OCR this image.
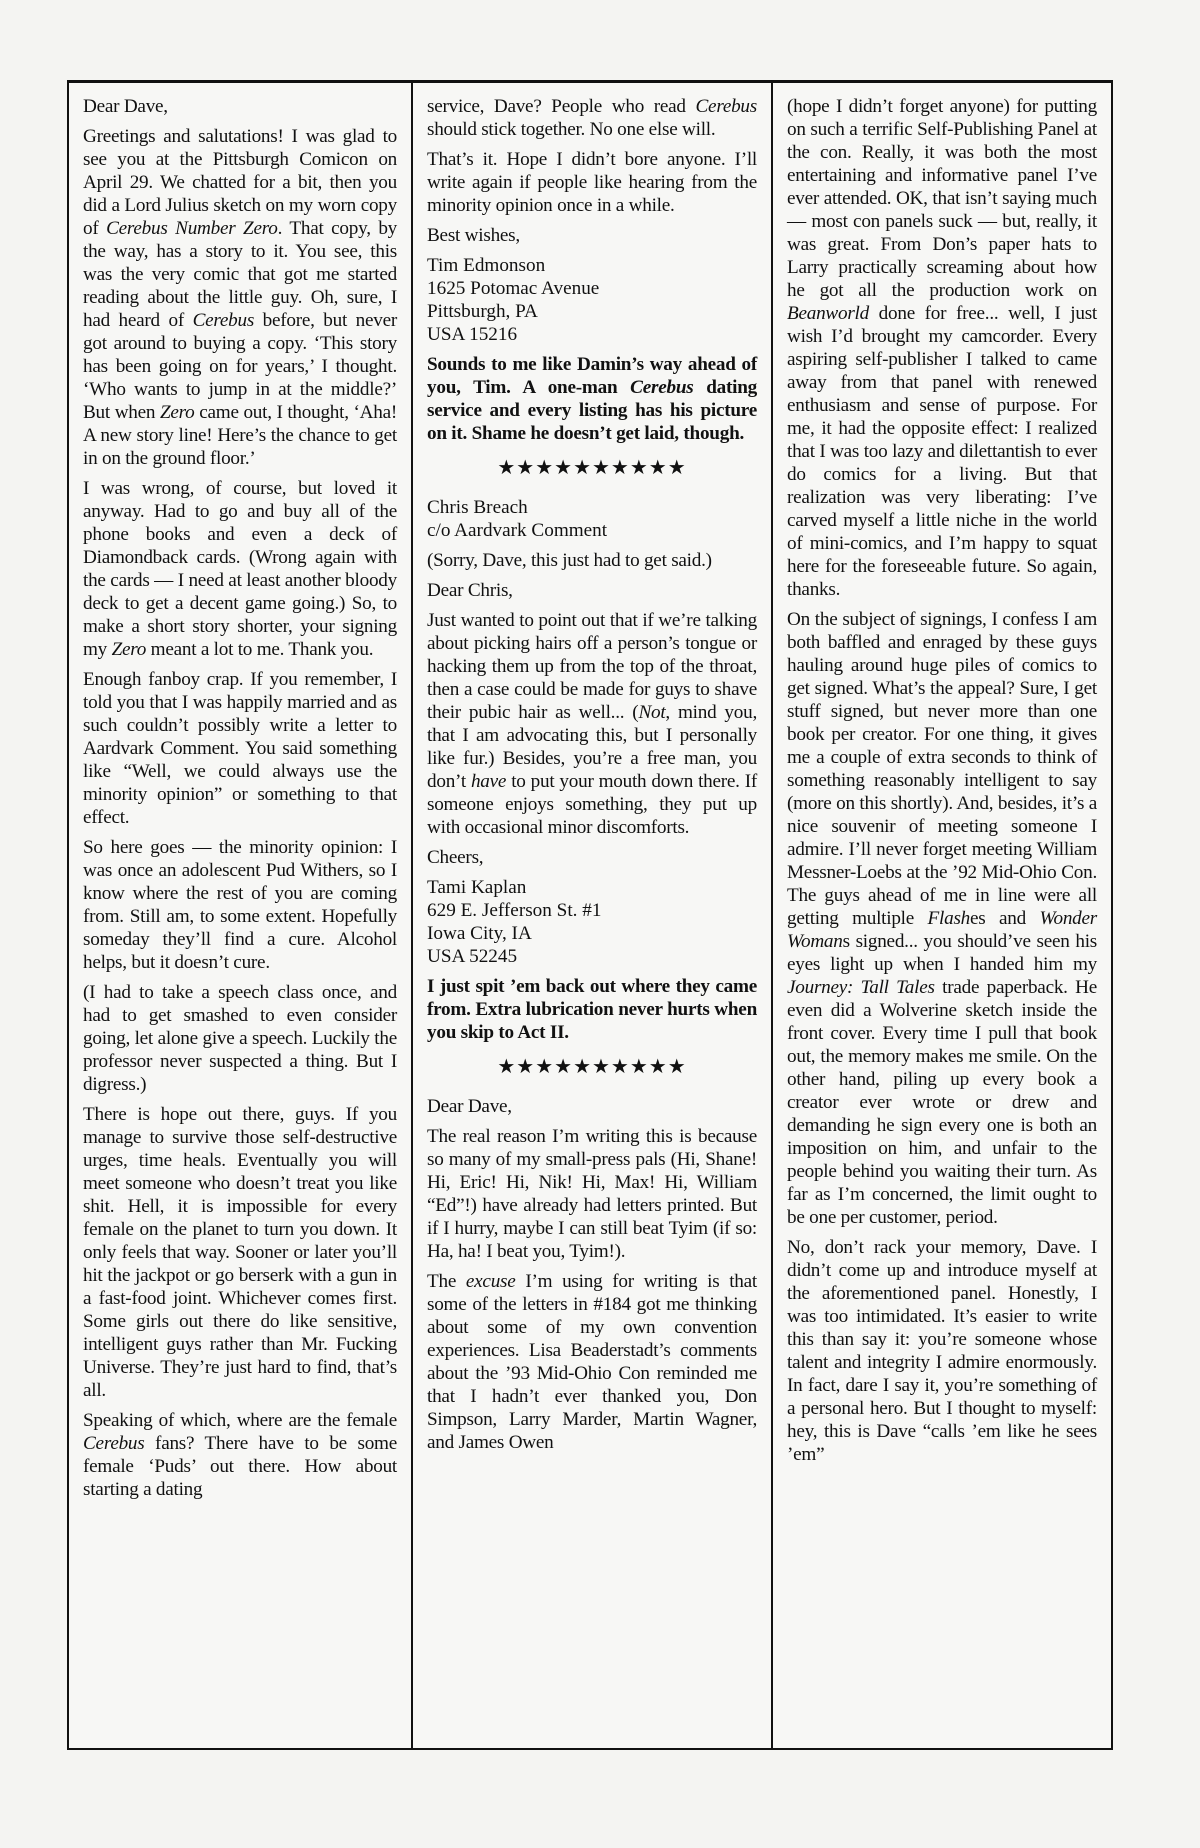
Dear Dave,

Greetings and salutations! I was glad to see you at the Pittsburgh Comicon on April 29. We chatted for a bit, then you did a Lord Julius sketch on my worn copy of Cerebus Number Zero. That copy, by the way, has a story to it. You see, this was the very comic that got me started reading about the little guy. Oh, sure, I had heard of Cerebus before, but never got around to buying a copy. ‘This story has been going on for years,’ I thought. ‘Who wants to jump in at the middle?’ But when Zero came out, I thought, ‘Aha! A new story line! Here’s the chance to get in on the ground floor.’

I was wrong, of course, but loved it anyway. Had to go and buy all of the phone books and even a deck of Diamondback cards. (Wrong again with the cards — I need at least another bloody deck to get a decent game going.) So, to make a short story shorter, your signing my Zero meant a lot to me. Thank you.

Enough fanboy crap. If you remember, I told you that I was happily married and as such couldn’t possibly write a letter to Aardvark Comment. You said something like “Well, we could always use the minority opinion” or something to that effect.

So here goes — the minority opinion: I was once an adolescent Pud Withers, so I know where the rest of you are coming from. Still am, to some extent. Hopefully someday they’ll find a cure. Alcohol helps, but it doesn’t cure.

(I had to take a speech class once, and had to get smashed to even consider going, let alone give a speech. Luckily the professor never suspected a thing. But I digress.)

There is hope out there, guys. If you manage to survive those self-destructive urges, time heals. Eventually you will meet someone who doesn’t treat you like shit. Hell, it is impossible for every female on the planet to turn you down. It only feels that way. Sooner or later you’ll hit the jackpot or go berserk with a gun in a fast-food joint. Whichever comes first. Some girls out there do like sensitive, intelligent guys rather than Mr. Fucking Universe. They’re just hard to find, that’s all.

Speaking of which, where are the female Cerebus fans? There have to be some female ‘Puds’ out there. How about starting a dating

service, Dave? People who read Cerebus should stick together. No one else will.

That’s it. Hope I didn’t bore anyone. I’ll write again if people like hearing from the minority opinion once in a while.

Best wishes,

Tim Edmonson
1625 Potomac Avenue
Pittsburgh, PA
USA 15216

Sounds to me like Damin’s way ahead of you, Tim. A one-man Cerebus dating service and every listing has his picture on it. Shame he doesn’t get laid, though.

★★★★★★★★★★

Chris Breach
c/o Aardvark Comment

(Sorry, Dave, this just had to get said.)

Dear Chris,

Just wanted to point out that if we’re talking about picking hairs off a person’s tongue or hacking them up from the top of the throat, then a case could be made for guys to shave their pubic hair as well... (Not, mind you, that I am advocating this, but I personally like fur.) Besides, you’re a free man, you don’t have to put your mouth down there. If someone enjoys something, they put up with occasional minor discomforts.

Cheers,

Tami Kaplan
629 E. Jefferson St. #1
Iowa City, IA
USA 52245

I just spit ’em back out where they came from. Extra lubrication never hurts when you skip to Act II.

★★★★★★★★★★

Dear Dave,

The real reason I’m writing this is because so many of my small-press pals (Hi, Shane! Hi, Eric! Hi, Nik! Hi, Max! Hi, William “Ed”!) have already had letters printed. But if I hurry, maybe I can still beat Tyim (if so: Ha, ha! I beat you, Tyim!).

The excuse I’m using for writing is that some of the letters in #184 got me thinking about some of my own convention experiences. Lisa Beaderstadt’s comments about the ’93 Mid-Ohio Con reminded me that I hadn’t ever thanked you, Don Simpson, Larry Marder, Martin Wagner, and James Owen

(hope I didn’t forget anyone) for putting on such a terrific Self-Publishing Panel at the con. Really, it was both the most entertaining and informative panel I’ve ever attended. OK, that isn’t saying much — most con panels suck — but, really, it was great. From Don’s paper hats to Larry practically screaming about how he got all the production work on Beanworld done for free... well, I just wish I’d brought my camcorder. Every aspiring self-publisher I talked to came away from that panel with renewed enthusiasm and sense of purpose. For me, it had the opposite effect: I realized that I was too lazy and dilettantish to ever do comics for a living. But that realization was very liberating: I’ve carved myself a little niche in the world of mini-comics, and I’m happy to squat here for the foreseeable future. So again, thanks.

On the subject of signings, I confess I am both baffled and enraged by these guys hauling around huge piles of comics to get signed. What’s the appeal? Sure, I get stuff signed, but never more than one book per creator. For one thing, it gives me a couple of extra seconds to think of something reasonably intelligent to say (more on this shortly). And, besides, it’s a nice souvenir of meeting someone I admire. I’ll never forget meeting William Messner-Loebs at the ’92 Mid-Ohio Con. The guys ahead of me in line were all getting multiple Flashes and Wonder Womans signed... you should’ve seen his eyes light up when I handed him my Journey: Tall Tales trade paperback. He even did a Wolverine sketch inside the front cover. Every time I pull that book out, the memory makes me smile. On the other hand, piling up every book a creator ever wrote or drew and demanding he sign every one is both an imposition on him, and unfair to the people behind you waiting their turn. As far as I’m concerned, the limit ought to be one per customer, period.

No, don’t rack your memory, Dave. I didn’t come up and introduce myself at the aforementioned panel. Honestly, I was too intimidated. It’s easier to write this than say it: you’re someone whose talent and integrity I admire enormously. In fact, dare I say it, you’re something of a personal hero. But I thought to myself: hey, this is Dave “calls ’em like he sees ’em”
